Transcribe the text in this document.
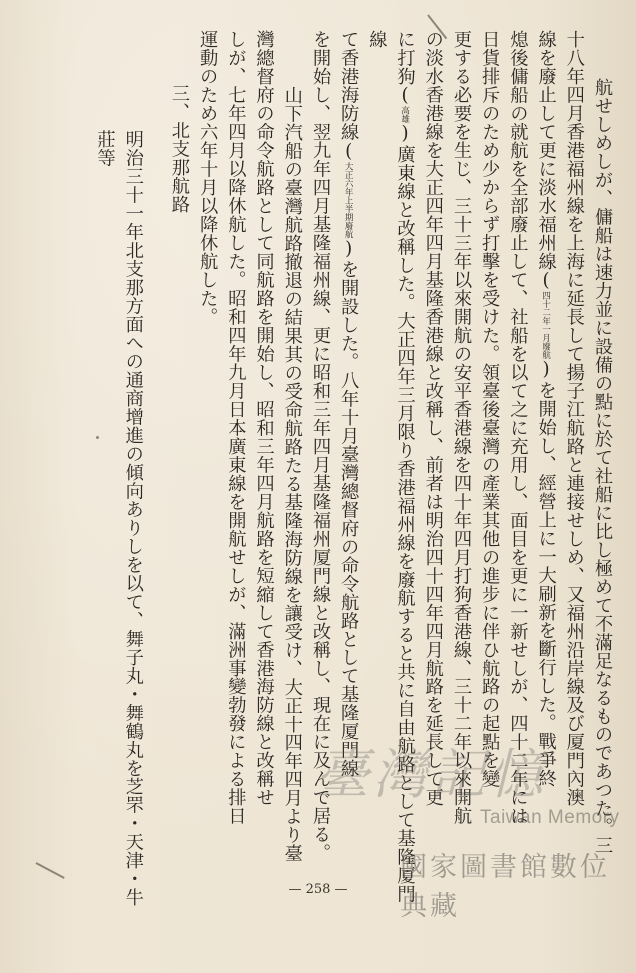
航せしめしが、傭船は速力並に設備の點に於て社船に比し極めて不滿足なるものであつた。三

十八年四月香港福州線を上海に延長して揚子江航路と連接せしめ、又福州沿岸線及び厦門內澳

線を廢止して更に淡水福州線(四十二年一月廢航)を開始し、經營上に一大刷新を斷行した。戰爭終

熄後傭船の就航を全部廢止して、社船を以て之に充用し、面目を更に一新せしが、四十二年には

日貨排斥のため少からず打擊を受けた。領臺後臺灣の產業其他の進步に伴ひ航路の起點を變

更する必要を生じ、三十三年以來開航の安平香港線を四十年四月打狗香港線、三十二年以來開航

の淡水香港線を大正四年四月基隆香港線と改稱し、前者は明治四十四年四月航路を延長して更

に打狗(高雄)廣東線と改稱した。大正四年三月限り香港福州線を廢航すると共に自由航路として基隆厦門線

て香港海防線(大正六年上半期廢航)を開設した。八年十月臺灣總督府の命令航路として基隆厦門線

を開始し、翌九年四月基隆福州線、更に昭和三年四月基隆福州厦門線と改稱し、現在に及んで居る。

山下汽船の臺灣航路撤退の結果其の受命航路たる基隆海防線を讓受け、大正十四年四月より臺

灣總督府の命令航路として同航路を開始し、昭和三年四月航路を短縮して香港海防線と改稱せ

しが、七年四月以降休航した。昭和四年九月日本廣東線を開航せしが、滿洲事變勃發による排日

運動のため六年十月以降休航した。

三、北支那航路

明治三十一年北支那方面への通商增進の傾向ありしを以て、舞子丸・舞鶴丸を芝罘・天津・牛莊等

— 258 —
臺灣記憶
Taiwan Memory
國家圖書館數位典藏
